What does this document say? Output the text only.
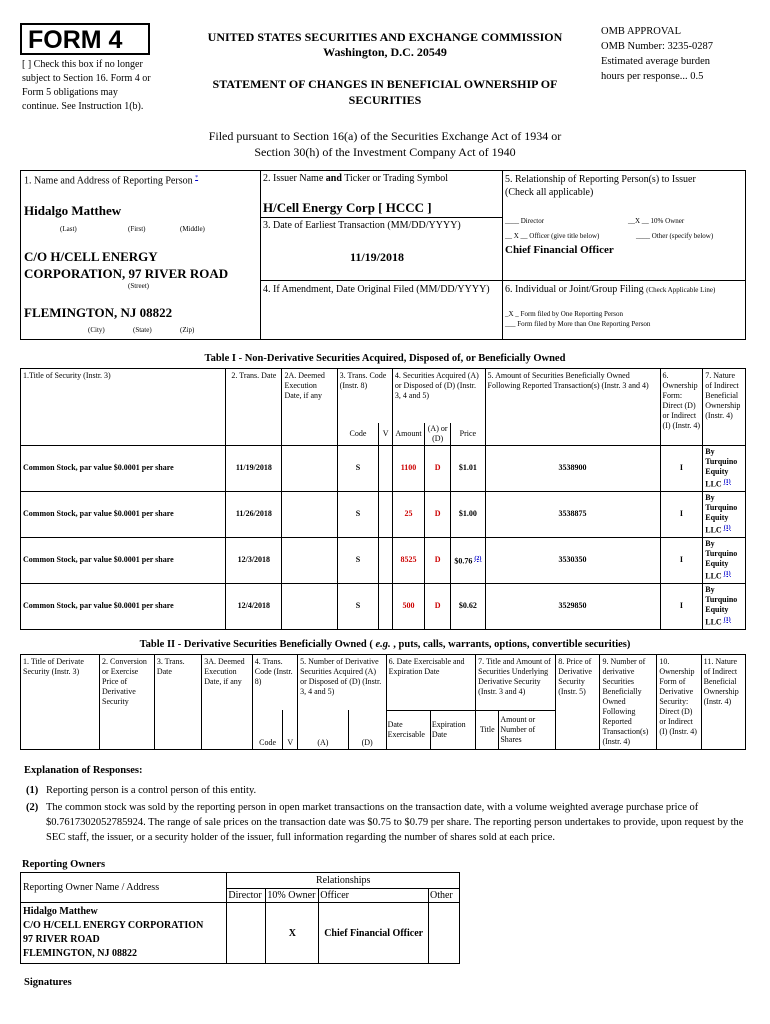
FORM 4
[ ] Check this box if no longer
subject to Section 16. Form 4 or
Form 5 obligations may
continue. See Instruction 1(b).
UNITED STATES SECURITIES AND EXCHANGE COMMISSION
Washington, D.C. 20549
STATEMENT OF CHANGES IN BENEFICIAL OWNERSHIP OF
SECURITIES
OMB APPROVAL
OMB Number: 3235-0287
Estimated average burden
hours per response... 0.5
Filed pursuant to Section 16(a) of the Securities Exchange Act of 1934 or
Section 30(h) of the Investment Company Act of 1940
1. Name and Address of Reporting Person *
Hidalgo Matthew
(Last)	(First)	(Middle)
C/O H/CELL ENERGY
CORPORATION, 97 RIVER ROAD
(Street)
FLEMINGTON, NJ 08822
(City)	(State)	(Zip)
2. Issuer Name and Ticker or Trading Symbol
H/Cell Energy Corp [ HCCC ]
3. Date of Earliest Transaction (MM/DD/YYYY)
11/19/2018
4. If Amendment, Date Original Filed (MM/DD/YYYY)
5. Relationship of Reporting Person(s) to Issuer
(Check all applicable)
____ Director	__X __ 10% Owner
__ X __ Officer (give title below)	____ Other (specify below)
Chief Financial Officer
6. Individual or Joint/Group Filing (Check Applicable Line)
_X _ Form filed by One Reporting Person
___ Form filed by More than One Reporting Person
Table I - Non-Derivative Securities Acquired, Disposed of, or Beneficially Owned
1.Title of Security (Instr. 3)	2. Trans. Date	2A. Deemed Execution Date, if any	3. Trans. Code (Instr. 8)		4. Securities Acquired (A) or Disposed of (D) (Instr. 3, 4 and 5)			5. Amount of Securities Beneficially Owned Following Reported Transaction(s) (Instr. 3 and 4)	6. Ownership Form: Direct (D) or Indirect (I) (Instr. 4)	7. Nature of Indirect Beneficial Ownership (Instr. 4)
			Code	V	Amount	(A) or (D)	Price			
Common Stock, par value $0.0001 per share	11/19/2018		S		1100	D	$1.01	3538900	I	By Turquino Equity LLC $^{(1)}$
Common Stock, par value $0.0001 per share	11/26/2018		S		25	D	$1.00	3538875	I	By Turquino Equity LLC $^{(1)}$
Common Stock, par value $0.0001 per share	12/3/2018		S		8525	D	$0.76 $^{(2)}$	3530350	I	By Turquino Equity LLC $^{(1)}$
Common Stock, par value $0.0001 per share	12/4/2018		S		500	D	$0.62	3529850	I	By Turquino Equity LLC $^{(1)}$
Table II - Derivative Securities Beneficially Owned ( e.g. , puts, calls, warrants, options, convertible securities)
1. Title of Derivate Security (Instr. 3)	2. Conversion or Exercise Price of Derivative Security	3. Trans. Date	3A. Deemed Execution Date, if any	4. Trans. Code (Instr. 8)		5. Number of Derivative Securities Acquired (A) or Disposed of (D) (Instr. 3, 4 and 5)		6. Date Exercisable and Expiration Date		7. Title and Amount of Securities Underlying Derivative Security (Instr. 3 and 4)		8. Price of Derivative Security (Instr. 5)	9. Number of derivative Securities Beneficially Owned Following Reported Transaction(s) (Instr. 4)	10. Ownership Form of Derivative Security: Direct (D) or Indirect (I) (Instr. 4)	11. Nature of Indirect Beneficial Ownership (Instr. 4)
				Code	V	(A)	(D)	Date Exercisable	Expiration Date	Title	Amount or Number of Shares				
Explanation of Responses:
(1) Reporting person is a control person of this entity.
(2) The common stock was sold by the reporting person in open market transactions on the transaction date, with a volume weighted average purchase price of $0.7617302052785924. The range of sale prices on the transaction date was $0.75 to $0.79 per share. The reporting person undertakes to provide, upon request by the SEC staff, the issuer, or a security holder of the issuer, full information regarding the number of shares sold at each price.
Reporting Owners
Reporting Owner Name / Address	Relationships			
	Director	10% Owner	Officer	Other

Hidalgo Matthew
C/O H/CELL ENERGY CORPORATION
97 RIVER ROAD
FLEMINGTON, NJ 08822		X	Chief Financial Officer	
Signatures
